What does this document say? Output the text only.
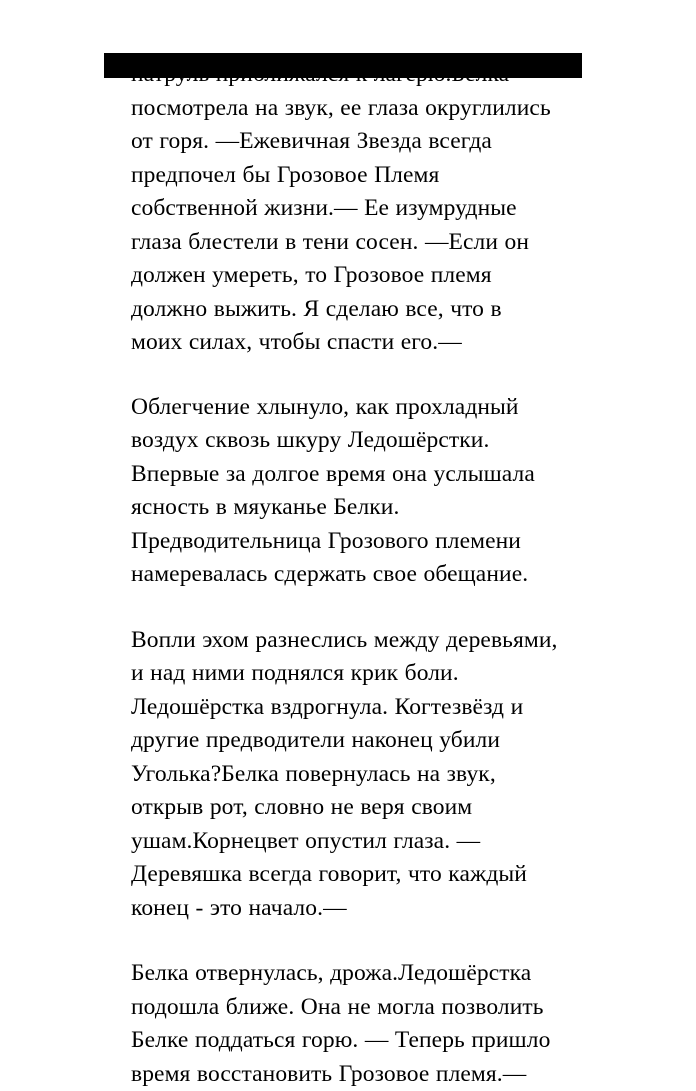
патруль приближался к лагерю.Белка посмотрела на звук, ее глаза округлились от горя. —Ежевичная Звезда всегда предпочел бы Грозовое Племя собственной жизни.— Ее изумрудные глаза блестели в тени сосен. —Если он должен умереть, то Грозовое племя должно выжить. Я сделаю все, что в моих силах, чтобы спасти его.—

Облегчение хлынуло, как прохладный воздух сквозь шкуру Ледошёрстки. Впервые за долгое время она услышала ясность в мяуканье Белки. Предводительница Грозового племени намеревалась сдержать свое обещание.

Вопли эхом разнеслись между деревьями, и над ними поднялся крик боли. Ледошёрстка вздрогнула. Когтезвёзд и другие предводители наконец убили Уголька?Белка повернулась на звук, открыв рот, словно не веря своим ушам.Корнецвет опустил глаза. —Деревяшка всегда говорит, что каждый конец - это начало.—

Белка отвернулась, дрожа.Ледошёрстка подошла ближе. Она не могла позволить Белке поддаться горю. — Теперь пришло время восстановить Грозовое племя.—
